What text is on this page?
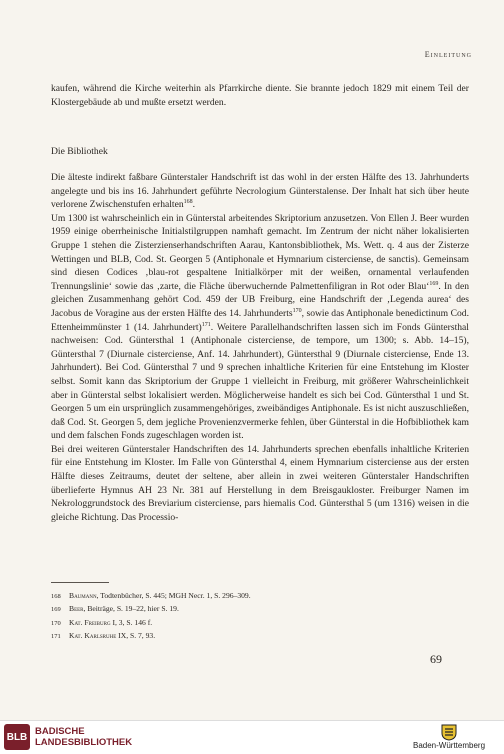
Einleitung

kaufen, während die Kirche weiterhin als Pfarrkirche diente. Sie brannte jedoch 1829 mit einem Teil der Klostergebäude ab und mußte ersetzt werden.

Die Bibliothek

Die älteste indirekt faßbare Günterstaler Handschrift ist das wohl in der ersten Hälfte des 13. Jahrhunderts angelegte und bis ins 16. Jahrhundert geführte Necrologium Günterstalense. Der Inhalt hat sich über heute verlorene Zwischenstufen erhalten$^{168}$.

Um 1300 ist wahrscheinlich ein in Günterstal arbeitendes Skriptorium anzusetzen. Von Ellen J. Beer wurden 1959 einige oberrheinische Initialstilgruppen namhaft gemacht. Im Zentrum der nicht näher lokalisierten Gruppe 1 stehen die Zisterzienserhandschriften Aarau, Kantonsbibliothek, Ms. Wett. q. 4 aus der Zisterze Wettingen und BLB, Cod. St. Georgen 5 (Antiphonale et Hymnarium cisterciense, de sanctis). Gemeinsam sind diesen Codices ‚blau-rot gespaltene Initialkörper mit der weißen, ornamental verlaufenden Trennungslinie‘ sowie das ‚zarte, die Fläche überwuchernde Palmettenfiligran in Rot oder Blau‘$^{169}$. In den gleichen Zusammenhang gehört Cod. 459 der UB Freiburg, eine Handschrift der ‚Legenda aurea‘ des Jacobus de Voragine aus der ersten Hälfte des 14. Jahrhunderts$^{170}$, sowie das Antiphonale benedictinum Cod. Ettenheimmünster 1 (14. Jahrhundert)$^{171}$. Weitere Parallelhandschriften lassen sich im Fonds Güntersthal nachweisen: Cod. Güntersthal 1 (Antiphonale cisterciense, de tempore, um 1300; s. Abb. 14–15), Güntersthal 7 (Diurnale cisterciense, Anf. 14. Jahrhundert), Güntersthal 9 (Diurnale cisterciense, Ende 13. Jahrhundert). Bei Cod. Güntersthal 7 und 9 sprechen inhaltliche Kriterien für eine Entstehung im Kloster selbst. Somit kann das Skriptorium der Gruppe 1 vielleicht in Freiburg, mit größerer Wahrscheinlichkeit aber in Günterstal selbst lokalisiert werden. Möglicherweise handelt es sich bei Cod. Güntersthal 1 und St. Georgen 5 um ein ursprünglich zusammengehöriges, zweibändiges Antiphonale. Es ist nicht auszuschließen, daß Cod. St. Georgen 5, dem jegliche Provenienzvermerke fehlen, über Günterstal in die Hofbibliothek kam und dem falschen Fonds zugeschlagen worden ist.

Bei drei weiteren Günterstaler Handschriften des 14. Jahrhunderts sprechen ebenfalls inhaltliche Kriterien für eine Entstehung im Kloster. Im Falle von Güntersthal 4, einem Hymnarium cisterciense aus der ersten Hälfte dieses Zeitraums, deutet der seltene, aber allein in zwei weiteren Günterstaler Handschriften überlieferte Hymnus AH 23 Nr. 381 auf Herstellung in dem Breisgaukloster. Freiburger Namen im Nekrologgrundstock des Breviarium cisterciense, pars hiemalis Cod. Güntersthal 5 (um 1316) weisen in die gleiche Richtung. Das Processio-

168 Baumann, Todtenbücher, S. 445; MGH Necr. 1, S. 296–309.
169 Beer, Beiträge, S. 19–22, hier S. 19.
170 Kat. Freiburg I, 3, S. 146 f.
171 Kat. Karlsruhe IX, S. 7, 93.
69
BLB BADISCHE
LANDESBIBLIOTHEK	Baden-Württemberg
